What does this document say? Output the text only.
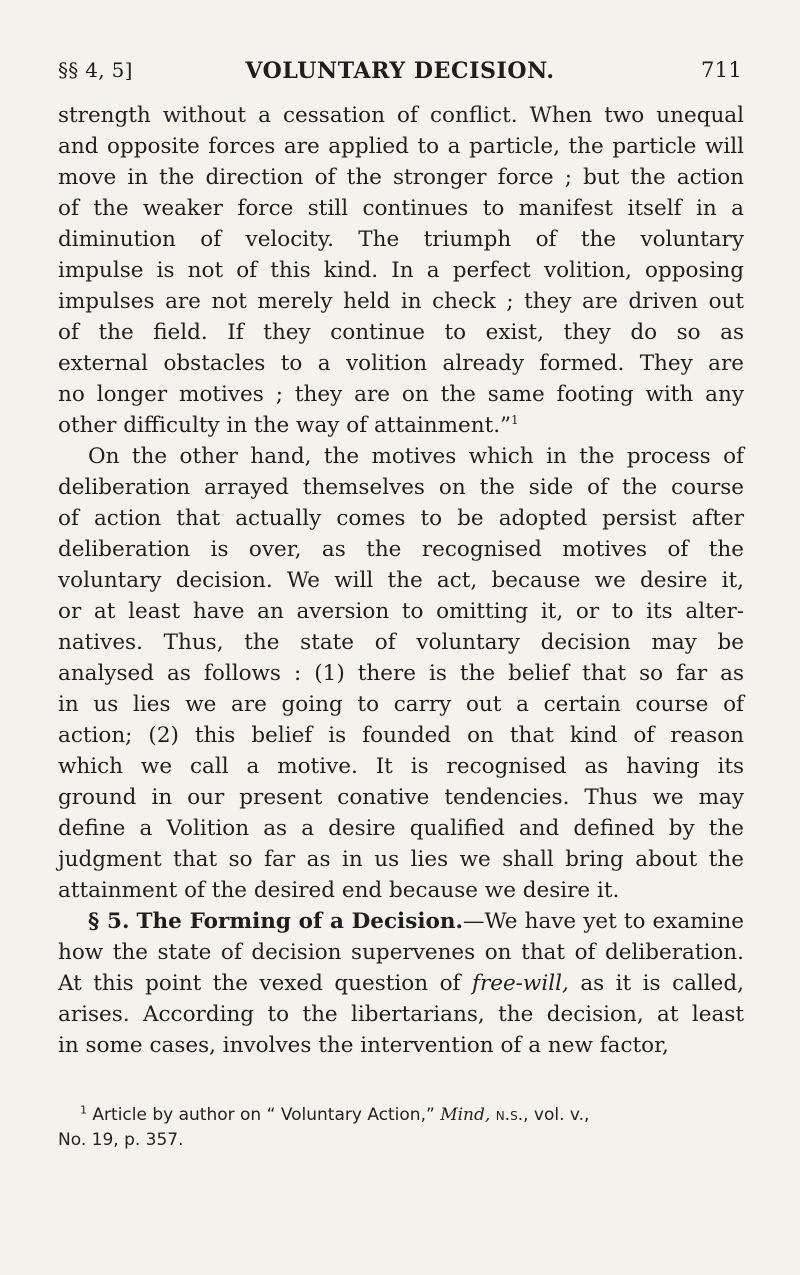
§§ 4, 5]	VOLUNTARY DECISION.	711
strength without a cessation of conflict. When two unequal
and opposite forces are applied to a particle, the particle will
move in the direction of the stronger force ; but the action
of the weaker force still continues to manifest itself in a
diminution of velocity. The triumph of the voluntary
impulse is not of this kind. In a perfect volition, opposing
impulses are not merely held in check ; they are driven out
of the field. If they continue to exist, they do so as
external obstacles to a volition already formed. They are
no longer motives ; they are on the same footing with any
other difficulty in the way of attainment.”$^1$
On the other hand, the motives which in the process of
deliberation arrayed themselves on the side of the course
of action that actually comes to be adopted persist after
deliberation is over, as the recognised motives of the
voluntary decision. We will the act, because we desire it,
or at least have an aversion to omitting it, or to its alter-
natives. Thus, the state of voluntary decision may be
analysed as follows : (1) there is the belief that so far as
in us lies we are going to carry out a certain course of
action; (2) this belief is founded on that kind of reason
which we call a motive. It is recognised as having its
ground in our present conative tendencies. Thus we may
define a Volition as a desire qualified and defined by the
judgment that so far as in us lies we shall bring about the
attainment of the desired end because we desire it.
§ 5. The Forming of a Decision.—We have yet to examine
how the state of decision supervenes on that of deliberation.
At this point the vexed question of free-will, as it is called,
arises. According to the libertarians, the decision, at least
in some cases, involves the intervention of a new factor,
$^1$ Article by author on “ Voluntary Action,” Mind, n.s., vol. v.,
No. 19, p. 357.
